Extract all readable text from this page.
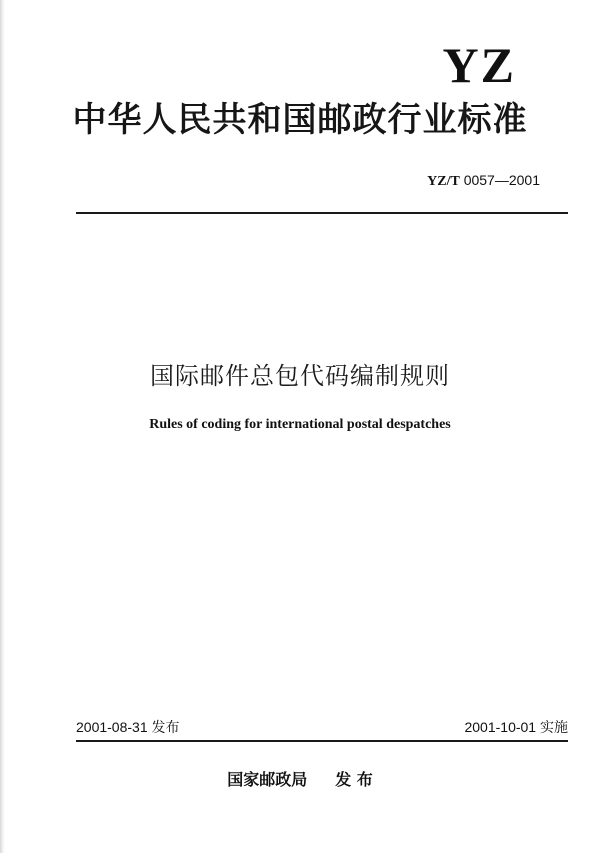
YZ
中华人民共和国邮政行业标准
YZ/T 0057—2001
国际邮件总包代码编制规则
Rules of coding for international postal despatches
2001-08-31 发布	2001-10-01 实施
国家邮政局 发 布
